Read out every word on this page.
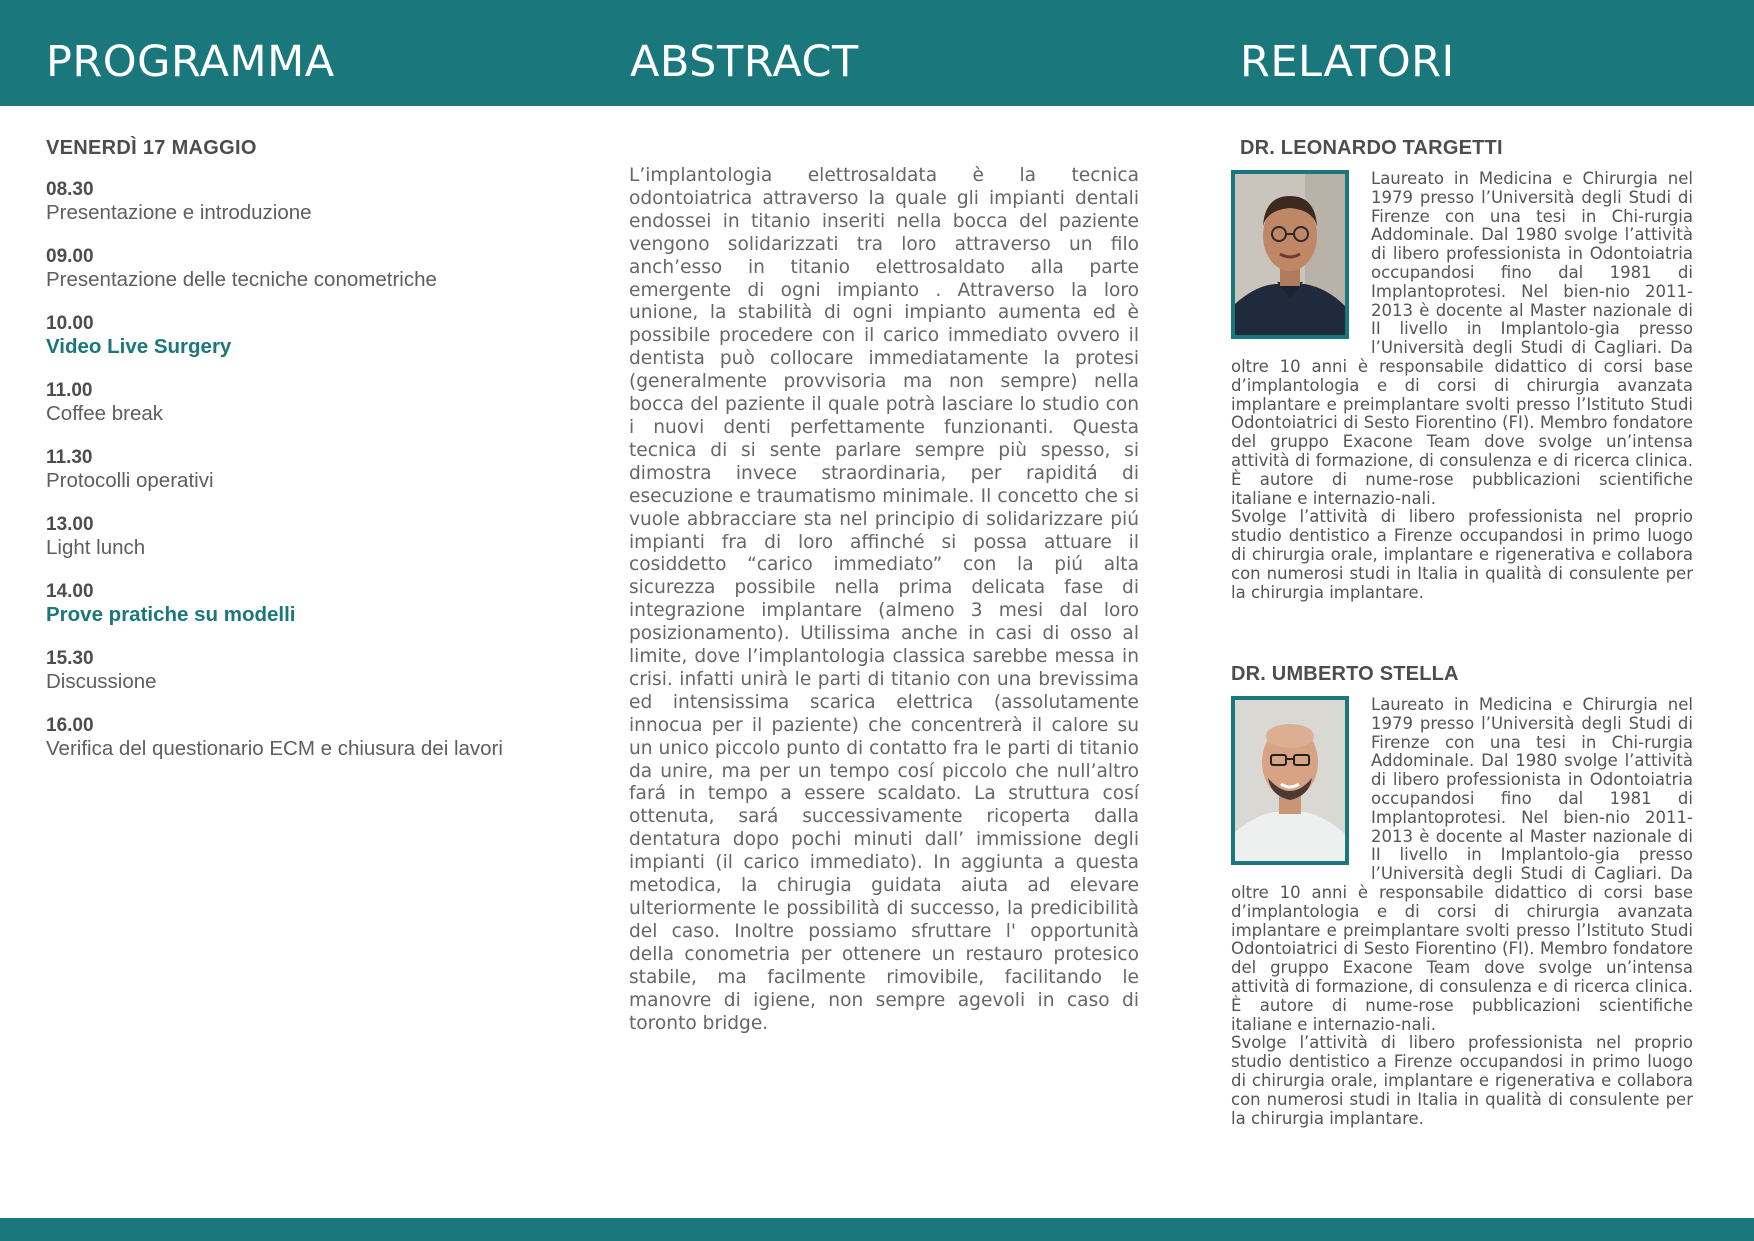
PROGRAMMA	ABSTRACT	RELATORI
VENERDÌ 17 MAGGIO
08.30
Presentazione e introduzione
09.00
Presentazione delle tecniche conometriche
10.00
Video Live Surgery
11.00
Coffee break
11.30
Protocolli operativi
13.00
Light lunch
14.00
Prove pratiche su modelli
15.30
Discussione
16.00
Verifica del questionario ECM e chiusura dei lavori

L’implantologia elettrosaldata è la tecnica odontoiatrica attraverso la quale gli impianti dentali endossei in titanio inseriti nella bocca del paziente vengono solidarizzati tra loro attraverso un filo anch’esso in titanio elettrosaldato alla parte emergente di ogni impianto . Attraverso la loro unione, la stabilità di ogni impianto aumenta ed è possibile procedere con il carico immediato ovvero il dentista può collocare immediatamente la protesi (generalmente provvisoria ma non sempre) nella bocca del paziente il quale potrà lasciare lo studio con i nuovi denti perfettamente funzionanti. Questa tecnica di si sente parlare sempre più spesso, si dimostra invece straordinaria, per rapiditá di esecuzione e traumatismo minimale. Il concetto che si vuole abbracciare sta nel principio di solidarizzare piú impianti fra di loro affinché si possa attuare il cosiddetto “carico immediato” con la piú alta sicurezza possibile nella prima delicata fase di integrazione implantare (almeno 3 mesi dal loro posizionamento). Utilissima anche in casi di osso al limite, dove l’implantologia classica sarebbe messa in crisi. infatti unirà le parti di titanio con una brevissima ed intensissima scarica elettrica (assolutamente innocua per il paziente) che concentrerà il calore su un unico piccolo punto di contatto fra le parti di titanio da unire, ma per un tempo cosí piccolo che null’altro fará in tempo a essere scaldato. La struttura cosí ottenuta, sará successivamente ricoperta dalla dentatura dopo pochi minuti dall’ immissione degli impianti (il carico immediato). In aggiunta a questa metodica, la chirugia guidata aiuta ad elevare ulteriormente le possibilità di successo, la predicibilità del caso. Inoltre possiamo sfruttare l' opportunità della conometria per ottenere un restauro protesico stabile, ma facilmente rimovibile, facilitando le manovre di igiene, non sempre agevoli in caso di toronto bridge.

DR. LEONARDO TARGETTI

Laureato in Medicina e Chirurgia nel 1979 presso l’Università degli Studi di Firenze con una tesi in Chi-rurgia Addominale. Dal 1980 svolge l’attività di libero professionista in Odontoiatria occupandosi fino dal 1981 di Implantoprotesi. Nel bien-nio 2011-2013 è docente al Master nazionale di II livello in Implantolo-gia presso l’Università degli Studi di Cagliari. Da oltre 10 anni è responsabile didattico di corsi base d’implantologia e di corsi di chirurgia avanzata implantare e preimplantare svolti presso l’Istituto Studi Odontoiatrici di Sesto Fiorentino (FI). Membro fondatore del gruppo Exacone Team dove svolge un’intensa attività di formazione, di consulenza e di ricerca clinica. È autore di nume-rose pubblicazioni scientifiche italiane e internazio-nali.

Svolge l’attività di libero professionista nel proprio studio dentistico a Firenze occupandosi in primo luogo di chirurgia orale, implantare e rigenerativa e collabora con numerosi studi in Italia in qualità di consulente per la chirurgia implantare.

DR. UMBERTO STELLA

Laureato in Medicina e Chirurgia nel 1979 presso l’Università degli Studi di Firenze con una tesi in Chi-rurgia Addominale. Dal 1980 svolge l’attività di libero professionista in Odontoiatria occupandosi fino dal 1981 di Implantoprotesi. Nel bien-nio 2011-2013 è docente al Master nazionale di II livello in Implantolo-gia presso l’Università degli Studi di Cagliari. Da oltre 10 anni è responsabile didattico di corsi base d’implantologia e di corsi di chirurgia avanzata implantare e preimplantare svolti presso l’Istituto Studi Odontoiatrici di Sesto Fiorentino (FI). Membro fondatore del gruppo Exacone Team dove svolge un’intensa attività di formazione, di consulenza e di ricerca clinica. È autore di nume-rose pubblicazioni scientifiche italiane e internazio-nali.

Svolge l’attività di libero professionista nel proprio studio dentistico a Firenze occupandosi in primo luogo di chirurgia orale, implantare e rigenerativa e collabora con numerosi studi in Italia in qualità di consulente per la chirurgia implantare.
